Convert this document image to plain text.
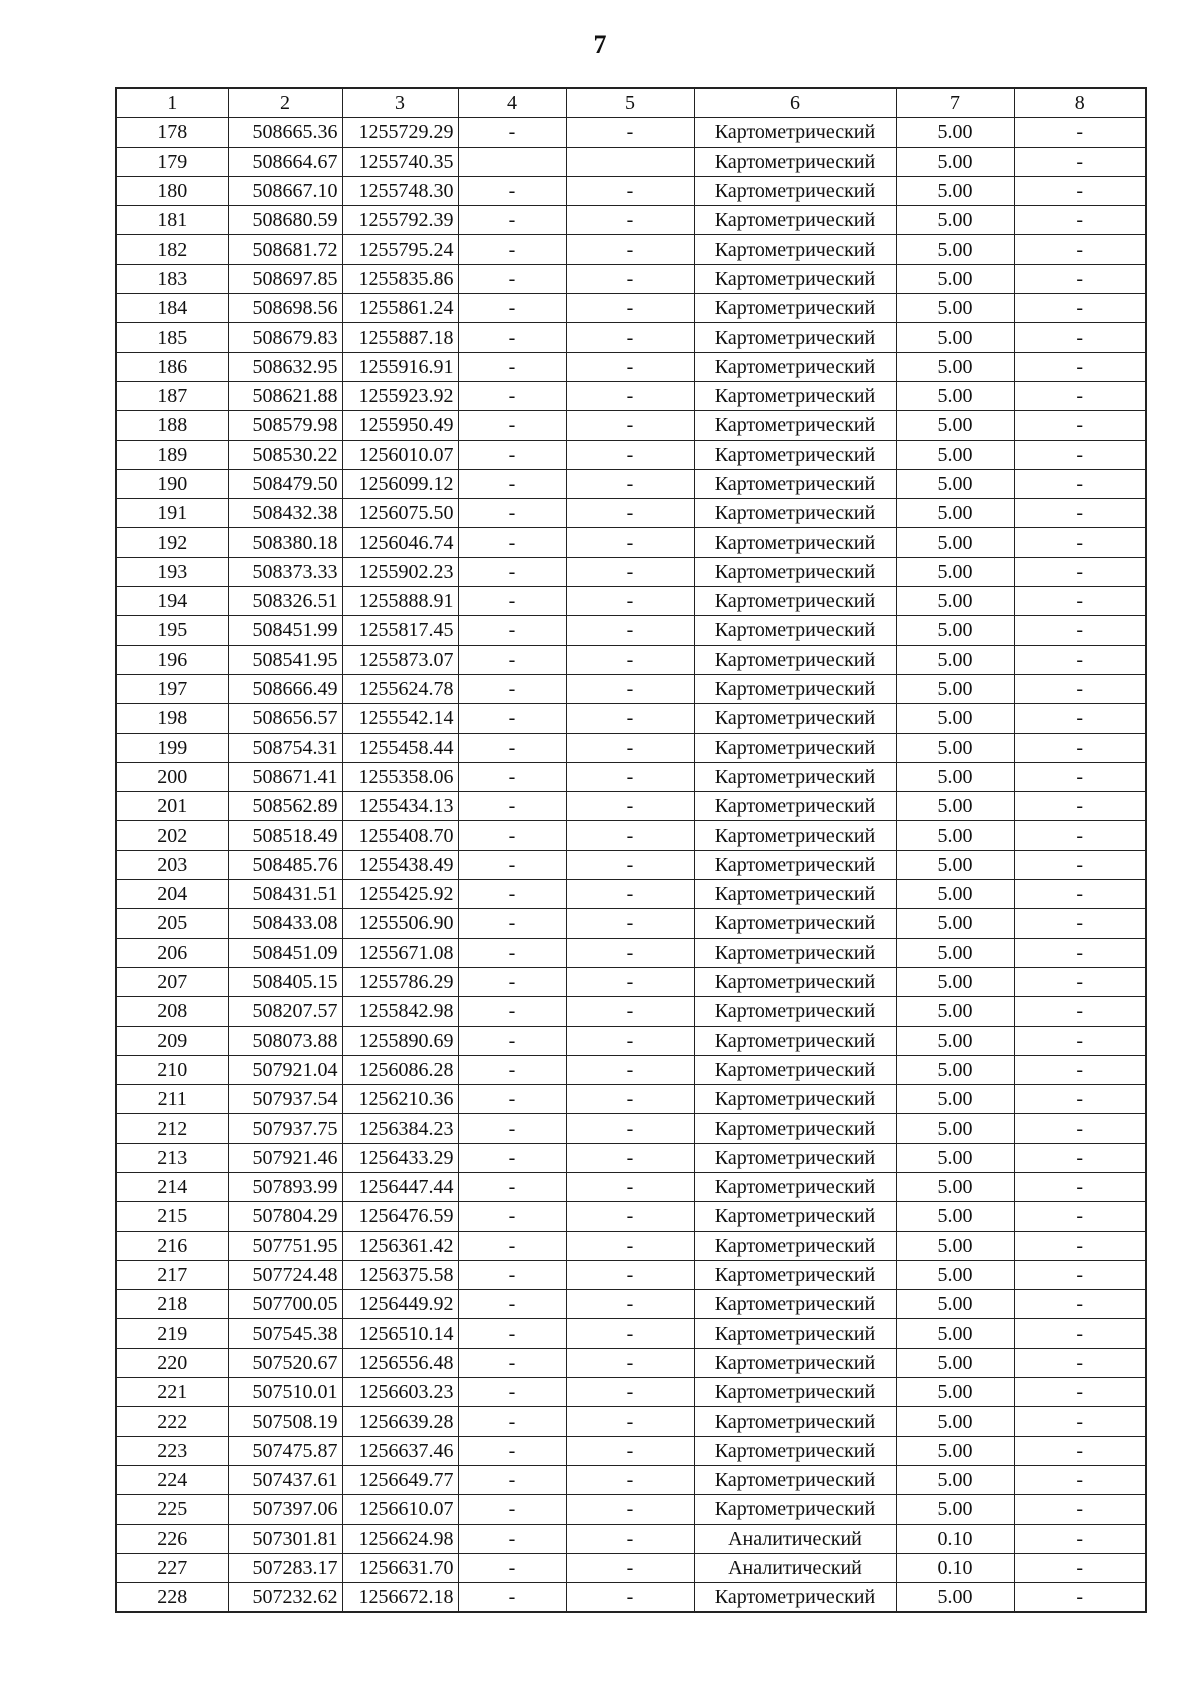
7
1	2	3	4	5	6	7	8
178	508665.36	1255729.29	-	-	Картометрический	5.00	-
179	508664.67	1255740.35			Картометрический	5.00	-
180	508667.10	1255748.30	-	-	Картометрический	5.00	-
181	508680.59	1255792.39	-	-	Картометрический	5.00	-
182	508681.72	1255795.24	-	-	Картометрический	5.00	-
183	508697.85	1255835.86	-	-	Картометрический	5.00	-
184	508698.56	1255861.24	-	-	Картометрический	5.00	-
185	508679.83	1255887.18	-	-	Картометрический	5.00	-
186	508632.95	1255916.91	-	-	Картометрический	5.00	-
187	508621.88	1255923.92	-	-	Картометрический	5.00	-
188	508579.98	1255950.49	-	-	Картометрический	5.00	-
189	508530.22	1256010.07	-	-	Картометрический	5.00	-
190	508479.50	1256099.12	-	-	Картометрический	5.00	-
191	508432.38	1256075.50	-	-	Картометрический	5.00	-
192	508380.18	1256046.74	-	-	Картометрический	5.00	-
193	508373.33	1255902.23	-	-	Картометрический	5.00	-
194	508326.51	1255888.91	-	-	Картометрический	5.00	-
195	508451.99	1255817.45	-	-	Картометрический	5.00	-
196	508541.95	1255873.07	-	-	Картометрический	5.00	-
197	508666.49	1255624.78	-	-	Картометрический	5.00	-
198	508656.57	1255542.14	-	-	Картометрический	5.00	-
199	508754.31	1255458.44	-	-	Картометрический	5.00	-
200	508671.41	1255358.06	-	-	Картометрический	5.00	-
201	508562.89	1255434.13	-	-	Картометрический	5.00	-
202	508518.49	1255408.70	-	-	Картометрический	5.00	-
203	508485.76	1255438.49	-	-	Картометрический	5.00	-
204	508431.51	1255425.92	-	-	Картометрический	5.00	-
205	508433.08	1255506.90	-	-	Картометрический	5.00	-
206	508451.09	1255671.08	-	-	Картометрический	5.00	-
207	508405.15	1255786.29	-	-	Картометрический	5.00	-
208	508207.57	1255842.98	-	-	Картометрический	5.00	-
209	508073.88	1255890.69	-	-	Картометрический	5.00	-
210	507921.04	1256086.28	-	-	Картометрический	5.00	-
211	507937.54	1256210.36	-	-	Картометрический	5.00	-
212	507937.75	1256384.23	-	-	Картометрический	5.00	-
213	507921.46	1256433.29	-	-	Картометрический	5.00	-
214	507893.99	1256447.44	-	-	Картометрический	5.00	-
215	507804.29	1256476.59	-	-	Картометрический	5.00	-
216	507751.95	1256361.42	-	-	Картометрический	5.00	-
217	507724.48	1256375.58	-	-	Картометрический	5.00	-
218	507700.05	1256449.92	-	-	Картометрический	5.00	-
219	507545.38	1256510.14	-	-	Картометрический	5.00	-
220	507520.67	1256556.48	-	-	Картометрический	5.00	-
221	507510.01	1256603.23	-	-	Картометрический	5.00	-
222	507508.19	1256639.28	-	-	Картометрический	5.00	-
223	507475.87	1256637.46	-	-	Картометрический	5.00	-
224	507437.61	1256649.77	-	-	Картометрический	5.00	-
225	507397.06	1256610.07	-	-	Картометрический	5.00	-
226	507301.81	1256624.98	-	-	Аналитический	0.10	-
227	507283.17	1256631.70	-	-	Аналитический	0.10	-
228	507232.62	1256672.18	-	-	Картометрический	5.00	-
